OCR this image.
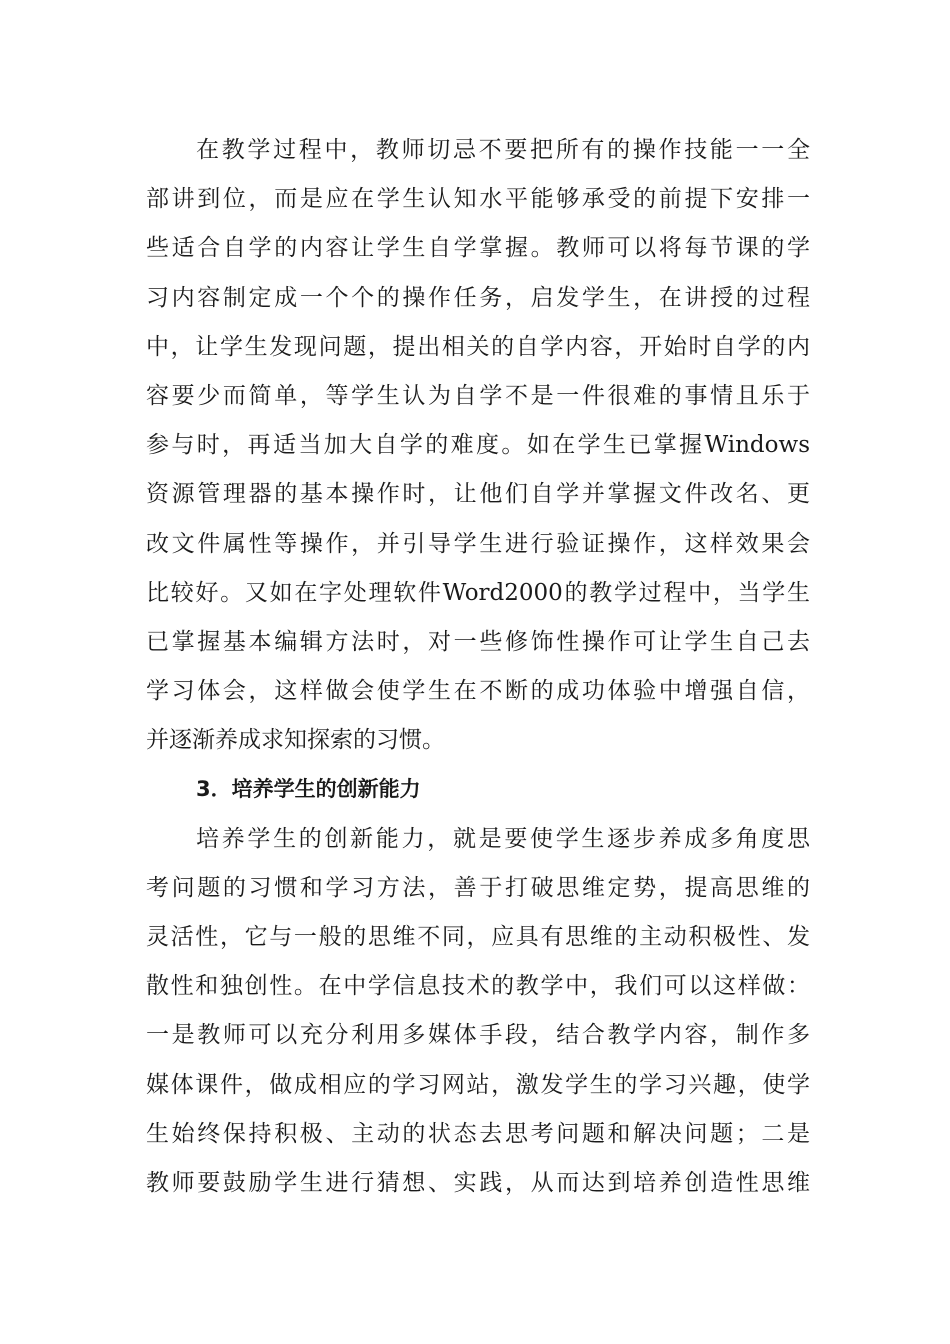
在教学过程中，教师切忌不要把所有的操作技能一一全
部讲到位，而是应在学生认知水平能够承受的前提下安排一
些适合自学的内容让学生自学掌握。教师可以将每节课的学
习内容制定成一个个的操作任务，启发学生，在讲授的过程
中，让学生发现问题，提出相关的自学内容，开始时自学的内
容要少而简单，等学生认为自学不是一件很难的事情且乐于
参与时，再适当加大自学的难度。如在学生已掌握Windows
资源管理器的基本操作时，让他们自学并掌握文件改名、更
改文件属性等操作，并引导学生进行验证操作，这样效果会
比较好。又如在字处理软件Word2000的教学过程中，当学生
已掌握基本编辑方法时，对一些修饰性操作可让学生自己去
学习体会，这样做会使学生在不断的成功体验中增强自信，
并逐渐养成求知探索的习惯。
3．培养学生的创新能力
培养学生的创新能力，就是要使学生逐步养成多角度思
考问题的习惯和学习方法，善于打破思维定势，提高思维的
灵活性，它与一般的思维不同，应具有思维的主动积极性、发
散性和独创性。在中学信息技术的教学中，我们可以这样做：
一是教师可以充分利用多媒体手段，结合教学内容，制作多
媒体课件，做成相应的学习网站，激发学生的学习兴趣，使学
生始终保持积极、主动的状态去思考问题和解决问题；二是
教师要鼓励学生进行猜想、实践，从而达到培养创造性思维
